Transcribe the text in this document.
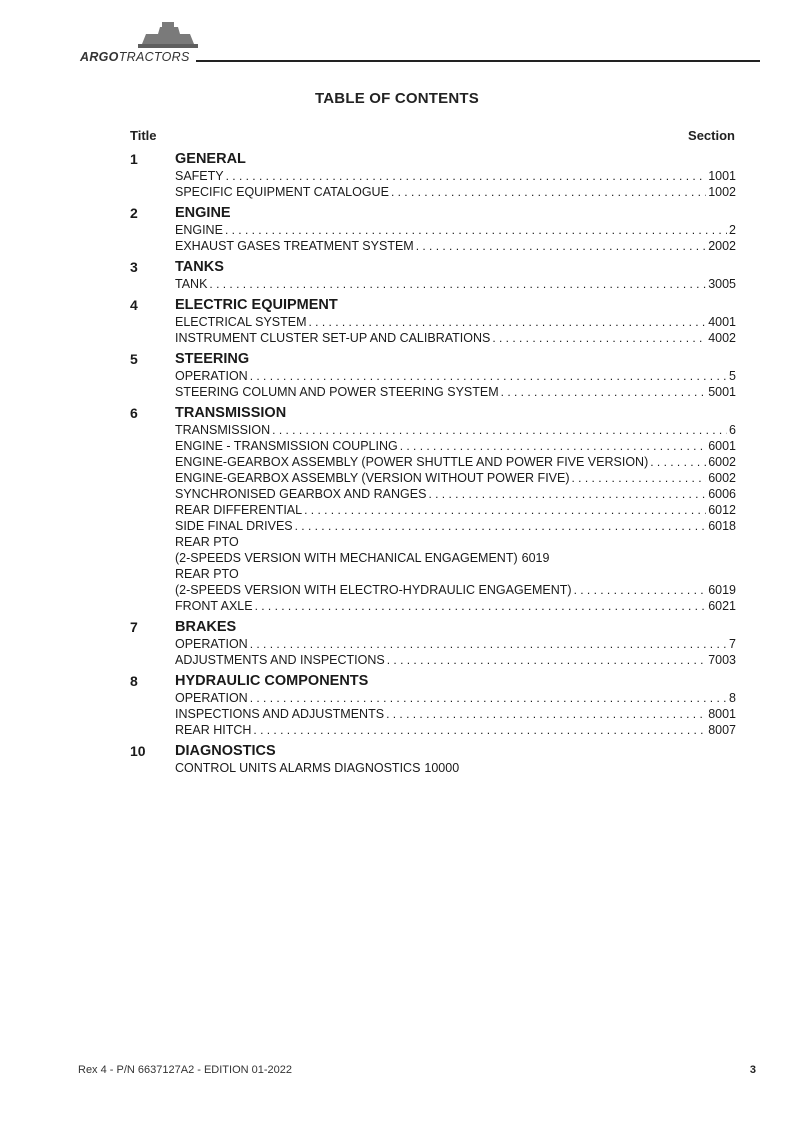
ARGOTRACTORS
TABLE OF CONTENTS
Title	Section
1	GENERAL
SAFETY . . .	1001
SPECIFIC EQUIPMENT CATALOGUE . . .	1002
2	ENGINE
ENGINE . . .	2
EXHAUST GASES TREATMENT SYSTEM . . .	2002
3	TANKS
TANK . . .	3005
4	ELECTRIC EQUIPMENT
ELECTRICAL SYSTEM . . .	4001
INSTRUMENT CLUSTER SET-UP AND CALIBRATIONS . . .	4002
5	STEERING
OPERATION . . .	5
STEERING COLUMN AND POWER STEERING SYSTEM . . .	5001
6	TRANSMISSION
TRANSMISSION . . .	6
ENGINE - TRANSMISSION COUPLING . . .	6001
ENGINE-GEARBOX ASSEMBLY (POWER SHUTTLE AND POWER FIVE VERSION) . . .	6002
ENGINE-GEARBOX ASSEMBLY (VERSION WITHOUT POWER FIVE) . . .	6002
SYNCHRONISED GEARBOX AND RANGES . . .	6006
REAR DIFFERENTIAL . . .	6012
SIDE FINAL DRIVES . . .	6018
REAR PTO
(2-SPEEDS VERSION WITH MECHANICAL ENGAGEMENT) 6019
REAR PTO
(2-SPEEDS VERSION WITH ELECTRO-HYDRAULIC ENGAGEMENT) . . .	6019
FRONT AXLE . . .	6021
7	BRAKES
OPERATION . . .	7
ADJUSTMENTS AND INSPECTIONS . . .	7003
8	HYDRAULIC COMPONENTS
OPERATION . . .	8
INSPECTIONS AND ADJUSTMENTS . . .	8001
REAR HITCH . . .	8007
10	DIAGNOSTICS
CONTROL UNITS ALARMS DIAGNOSTICS 10000
Rex 4 - P/N 6637127A2 - EDITION 01-2022	3
